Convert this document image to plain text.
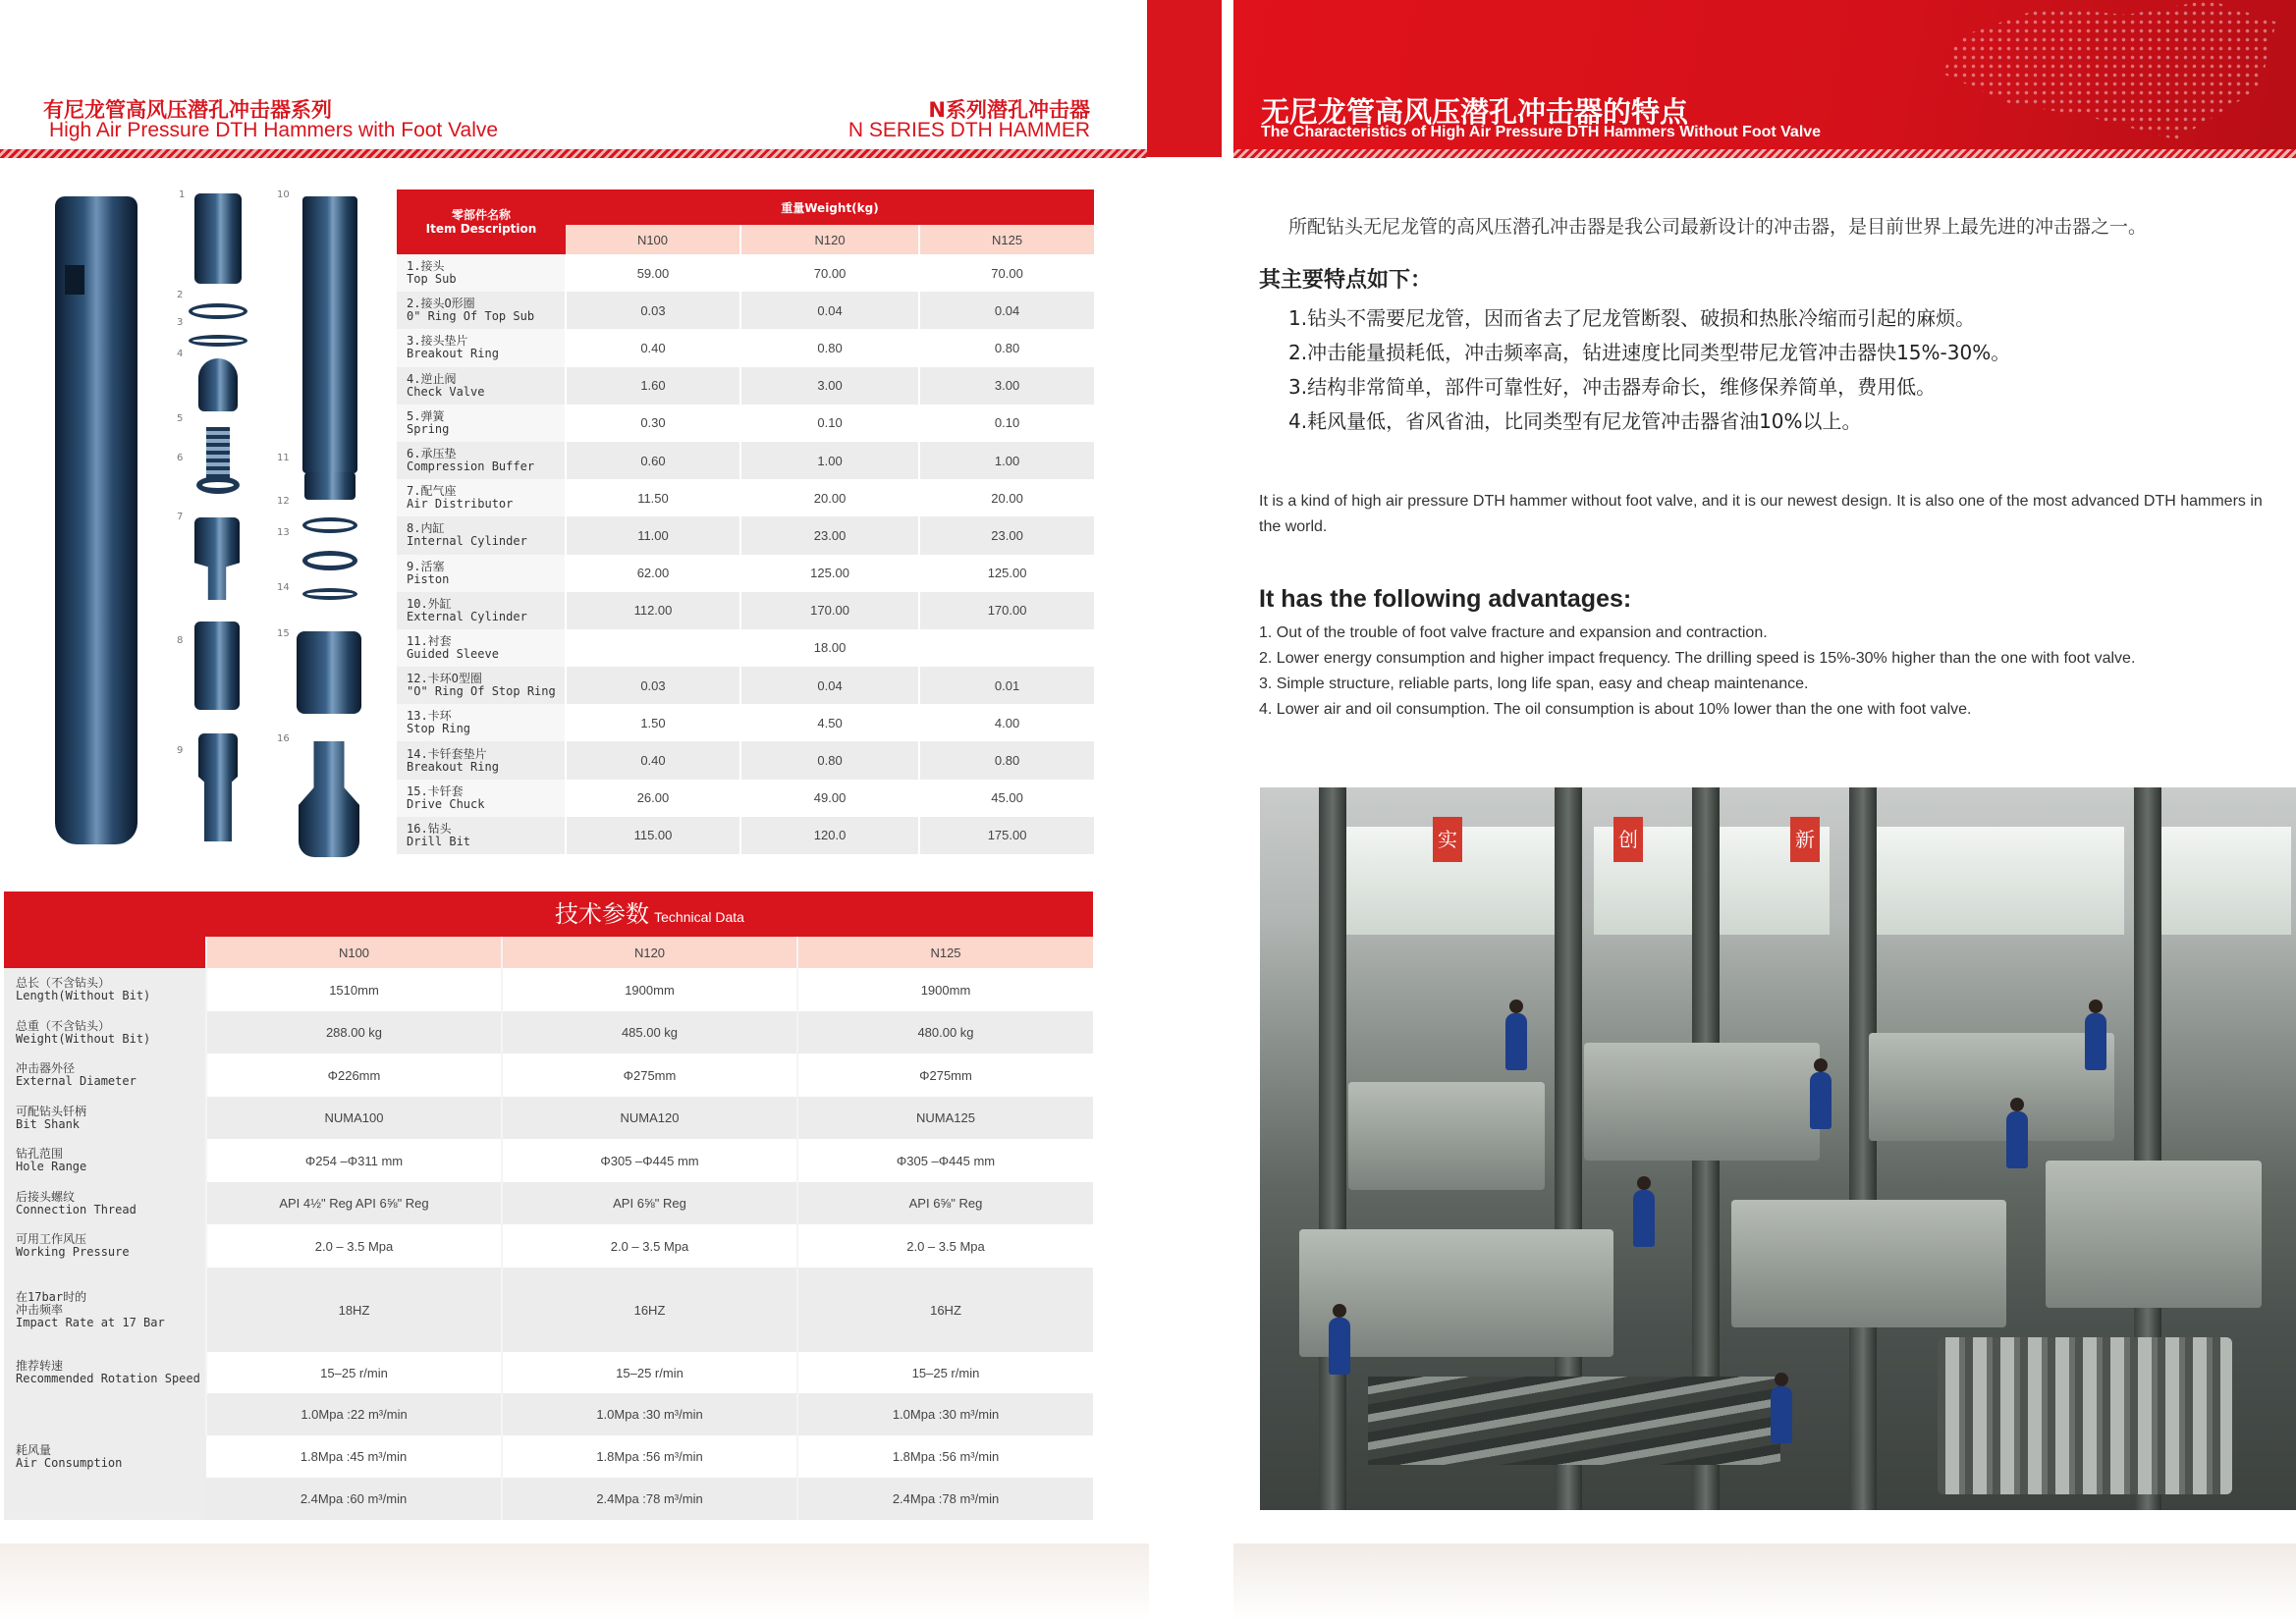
有尼龙管高风压潜孔冲击器系列
High Air Pressure DTH Hammers with Foot Valve
N系列潜孔冲击器
N SERIES DTH HAMMER
1
2
3
4
5
6
7
8
9
10
11
12
13
14
15
16
零部件名称
Item Description	重量Weight(kg)		
	N100	N120	N125

1.接头
Top Sub	59.00	70.00	70.00

2.接头O形圈
0" Ring Of Top Sub	0.03	0.04	0.04

3.接头垫片
Breakout Ring	0.40	0.80	0.80

4.逆止阀
Check Valve	1.60	3.00	3.00

5.弹簧
Spring	0.30	0.10	0.10

6.承压垫
Compression Buffer	0.60	1.00	1.00

7.配气座
Air Distributor	11.50	20.00	20.00

8.内缸
Internal Cylinder	11.00	23.00	23.00

9.活塞
Piston	62.00	125.00	125.00

10.外缸
External Cylinder	112.00	170.00	170.00

11.衬套
Guided Sleeve		18.00	

12.卡环O型圈
"O" Ring Of Stop Ring	0.03	0.04	0.01

13.卡环
Stop Ring	1.50	4.50	4.00

14.卡钎套垫片
Breakout Ring	0.40	0.80	0.80

15.卡钎套
Drive Chuck	26.00	49.00	45.00

16.钻头
Drill Bit	115.00	120.0	175.00
技术参数 Technical Data
	N100	N120	N125

总长（不含钻头）
Length(Without Bit)	1510mm	1900mm	1900mm

总重（不含钻头）
Weight(Without Bit)	288.00 kg	485.00 kg	480.00 kg

冲击器外径
External Diameter	Φ226mm	Φ275mm	Φ275mm

可配钻头钎柄
Bit Shank	NUMA100	NUMA120	NUMA125

钻孔范围
Hole Range	Φ254 –Φ311 mm	Φ305 –Φ445 mm	Φ305 –Φ445 mm

后接头螺纹
Connection Thread	API 4½" Reg API 6⅝" Reg	API 6⅝" Reg	API 6⅝" Reg

可用工作风压
Working Pressure	2.0 – 3.5 Mpa	2.0 – 3.5 Mpa	2.0 – 3.5 Mpa

在17bar时的
冲击频率
Impact Rate at 17 Bar	18HZ	16HZ	16HZ

推荐转速
Recommended Rotation Speed	15–25 r/min	15–25 r/min	15–25 r/min

耗风量
Air Consumption	1.0Mpa :22 m³/min	1.0Mpa :30 m³/min	1.0Mpa :30 m³/min
	1.8Mpa :45 m³/min	1.8Mpa :56 m³/min	1.8Mpa :56 m³/min
	2.4Mpa :60 m³/min	2.4Mpa :78 m³/min	2.4Mpa :78 m³/min
无尼龙管高风压潜孔冲击器的特点
The Characteristics of High Air Pressure DTH Hammers Without Foot Valve

所配钻头无尼龙管的高风压潜孔冲击器是我公司最新设计的冲击器，是目前世界上最先进的冲击器之一。

其主要特点如下：
1.钻头不需要尼龙管，因而省去了尼龙管断裂、破损和热胀冷缩而引起的麻烦。
2.冲击能量损耗低，冲击频率高，钻进速度比同类型带尼龙管冲击器快15%-30%。
3.结构非常简单，部件可靠性好，冲击器寿命长，维修保养简单，费用低。
4.耗风量低，省风省油，比同类型有尼龙管冲击器省油10%以上。

It is a kind of high air pressure DTH hammer without foot valve, and it is our newest design. It is also one of the most advanced DTH hammers in the world.

It has the following advantages:
1. Out of the trouble of foot valve fracture and expansion and contraction.
2. Lower energy consumption and higher impact frequency. The drilling speed is 15%-30% higher than the one with foot valve.
3. Simple structure, reliable parts, long life span, easy and cheap maintenance.
4. Lower air and oil consumption. The oil consumption is about 10% lower than the one with foot valve.
实	创	新
